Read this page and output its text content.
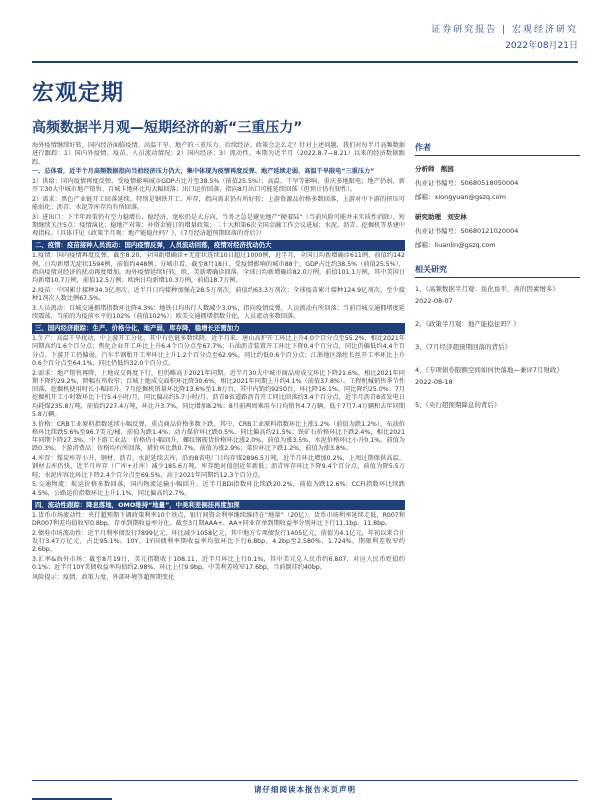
证券研究报告 | 宏观经济研究
2022年08月21日
宏观定期
高频数据半月观—短期经济的新“三重压力”

海外疫情继续好转，国内经济面临疫情、高温干旱、地产的三重压力。后续经济、政策会怎么走？针对上述问题，我们对每半月高频数据进行跟踪：1）国内外疫情、疫苗、人员流动情况；2）国内经济；3）流动性。本期为近半月（2022.8.7—8.21）以来的经济数据跟踪。

一、总体看，近半个月高频数据指向当前经济压力仍大，集中体现为疫情再度反弹、地产延续走弱、高温干旱限电“三重压力”

1）供给：国内疫情再度反弹，受疫情影响城市GDP占比升至38.5%（前值25.5%）；高温、干旱等影响，重庆多地限电；地产仍弱，新开工30大中城市地产销售、百城卡地环比均大幅回落；出口运价回落，指向8月出口可能延续回落（但预计仍有韧性）。

2）需求：黑色产业链开工回落延续，特别是钢铁开工、库存，指向需求仍有所好转；上游资源品价格多数回落，上游对中下游的挤压可能弱化；沥青、水泥等库存均有所回落。

3）进出口：下半年政策仍有空力稳增长、稳经济，宽松仍是大方向，当务之急是避免地产“硬着陆”（当前风险可能并未实质性消除）。短期继续关注5点：疫情演化；稳地产对策；补资金链订的增量政策；二十大和第6次全国金融工作会议进展；水泥、沥青、挖掘机等基建中观指标。（具体详见《政策半月观：地产能稳住吗？》，《7月经济超预期回落的背后》）

二、疫情：疫苗接种人员流动：国内疫情反弹，人员流动回落，疫情对经济扰动仍大

1.疫情：国内疫情再度反弹。截至8.20，全国新增确诊+无症状连续10日超过1000例，近半月，全国日均新增确诊611例，前值约142例，日均新增无症状1594例，前值约448例；分城市看，截至8月18日，受疫情影响的城市88个，GDP占比约38.5%（前值25.5%），指向疫情对经济的扰动再度增加。海外疫情延续好转，欧、美新增确诊回落，全球日均新增确诊82.0万例，前值101.1万例，其中美国日均新增10.7万例，前值12.5万例；欧洲日均新增10.3万例，前值18.7万例。

2.疫苗：中国累计接种34.3亿剂次，近半月日均接种加强在28.5万剂次，前值约63.3万剂次；全球疫苗累计接种124.9亿剂次，至少接种1剂次人数比例67.5%。

3.人员流动：百城交通拥堵指数环比降4.3%；地铁日均出行人数减少3.0%，指向疫情反弹，人员流动有所回落；当前百城交通拥堵度延续震荡，当前的为疫前水平的102%（前值102%）；欧美交通拥堵指数分化，人员流动多数回落。

三、国内经济跟踪：生产、价格分化，地产弱，库存降，稳增长还需加力

1.生产：高温干旱扰动，中上游开工分化，其中有色链多数续降。近半月来，唐山高炉开工环比上升4.0个百分点至55.2%，相比2021年同期高约1.6个百分点；焦化企业开工环比上升6.4个百分点至67.7%；石油沥青装置开工环比下降0.4个百分点，同比仍偏低约4.4个百分点。下游开工仍偏弱，汽车半钢胎开工率环比上升1.2个百分点至62.9%，同比约低0.6个百分点；江浙地区涤纶长丝开工率环比上升0.6个百分点至64.1%，同比仍低约32.0个百分点。

2.需求：地产销售再降，土地成交再度下行，但仍略高于2021年同期。近半月30大中城市商品房成交环比下降21.6%，相比2021年同期下降约29.2%，降幅有所收窄；百城土地成交面积环比降30.6%，相比2021年同期上升约4.1%（前值37.8%）。工程机械销售季节性回落，挖掘机使用时长小幅回升。7月挖掘机销量环比降13.6%至1.8万台，其中内销约9250台，环比降16.1%，同比降约25.0%；7月挖掘机开工小时数环比下行5.4小时/月，同比偏高约5.7小时/月。沥青8省道路沥青开工同比回落约3.4个百分点，近半月沥青8省发电日均耗煤235.8万吨，前值约227.4万吨，环比升3.7%，同比增加8.2%；8月前两周乘用车日均销售4.7万辆，低于7月7.4万辆和去年同期5.8万辆。

3.价格：CRB工业原料指数延续小幅反弹，重点商品价格多数下跌。其中，CRB工业原料指数环比上涨1.2%（前值为跌1.2%），布油价格环比续跌5.6%至96.7美元/桶，前值为跌1.4%；动力煤价环比跌0.5%，同比偏高约21.5%；铁矿石价格环比下跌2.4%，相比2021年同期下降27.3%。中下游工业品：价格仍小幅回升，螺纹钢现货价格环比涨2.0%，前值为涨3.5%，水泥价格环比小升0.1%，前值为跌0.3%。下游消费品：价格均有所回落，猪价环比跌0.7%，前值为涨2.9%；菜价环比下跌1.2%，前值为涨3.8%。

4.库存：煤炭库存小升，钢材、沥青、水泥延续去库，沿海8省电厂日均存煤2896.5万吨，近半月环比增加0.2%，上周过期保供高温。钢材去库仍快，近半月库存（广库+社库）减少185.6万吨，库存绝对值创近年新低；沥青库存环比下降9.4个百分点，前值为降5.5万吨；水泥库容比环比下降2.4个百分点至69.5%，高于2021年同期约12.3个百分点。

5.交通物流：航运价格多数回落，国内物流运输小幅回升。近半月BDI指数环比续跌20.2%，前值为跌12.6%；CCFI指数环比续跌4.5%，公路运价指数环比上升1.1%，同比偏高约2.7%。

四、流动性跟踪：降息落地，OMO维持“地量”，中美利差倒挂再度加深

1.货币市场流动性：央行超预期下调政策利率10个基点，银行间资金利率继续维持在“地量”（20亿）；货币市场利率延续走低，R007和DR007利差均值收窄0.8bp，存单到期收益率分化。截至3月期AAA+、AA+同业存单到期收益率分别环比下行11.1bp、11.8bp。

2.债券市场流动性：近半月利率债发行7899亿元，环比减少1058亿元，其中地方专项债发行1405亿元，前值为4.1亿元，年初以来合计发行3.47万亿元，占比95.1%。10Y、1Y国债利率期收益率均值环比下行6.8bp、4.2bp至2.580%、1.724%，期限利差收窄约2.6bp。

3.汇率&海外市场：截至8月19日，美元指数收于108.11，近半月环比上行0.1%，其中美元兑人民币约6.807，对应人民币贬值约0.1%；近半月10Y美债收益率均值约2.98%，环比上行9.9bp，中美利差收窄17.6bp，当前倒挂约40bp。

风险提示：疫情、政策力度，外部环境等超预期变化

作者
分析师 熊园
执业证书编号：S0680518050004
邮箱：xiongyuan@gszq.com
研究助理 刘安林
执业证书编号：S0680121020004
邮箱：liuanlin@gszq.com
相关研究

1、《高频数据半月观：鱼化鱼平，喜的因素增多》

2022-08-07

2、《政策半月观：地产能稳住吗？》

3、《7月经济超预期回落的背后》

4、《专项债券限额空间如何快落地—兼评7月财政》

2022-08-18

5、《央行超预期降息的背后》

请仔细阅读本报告末页声明
